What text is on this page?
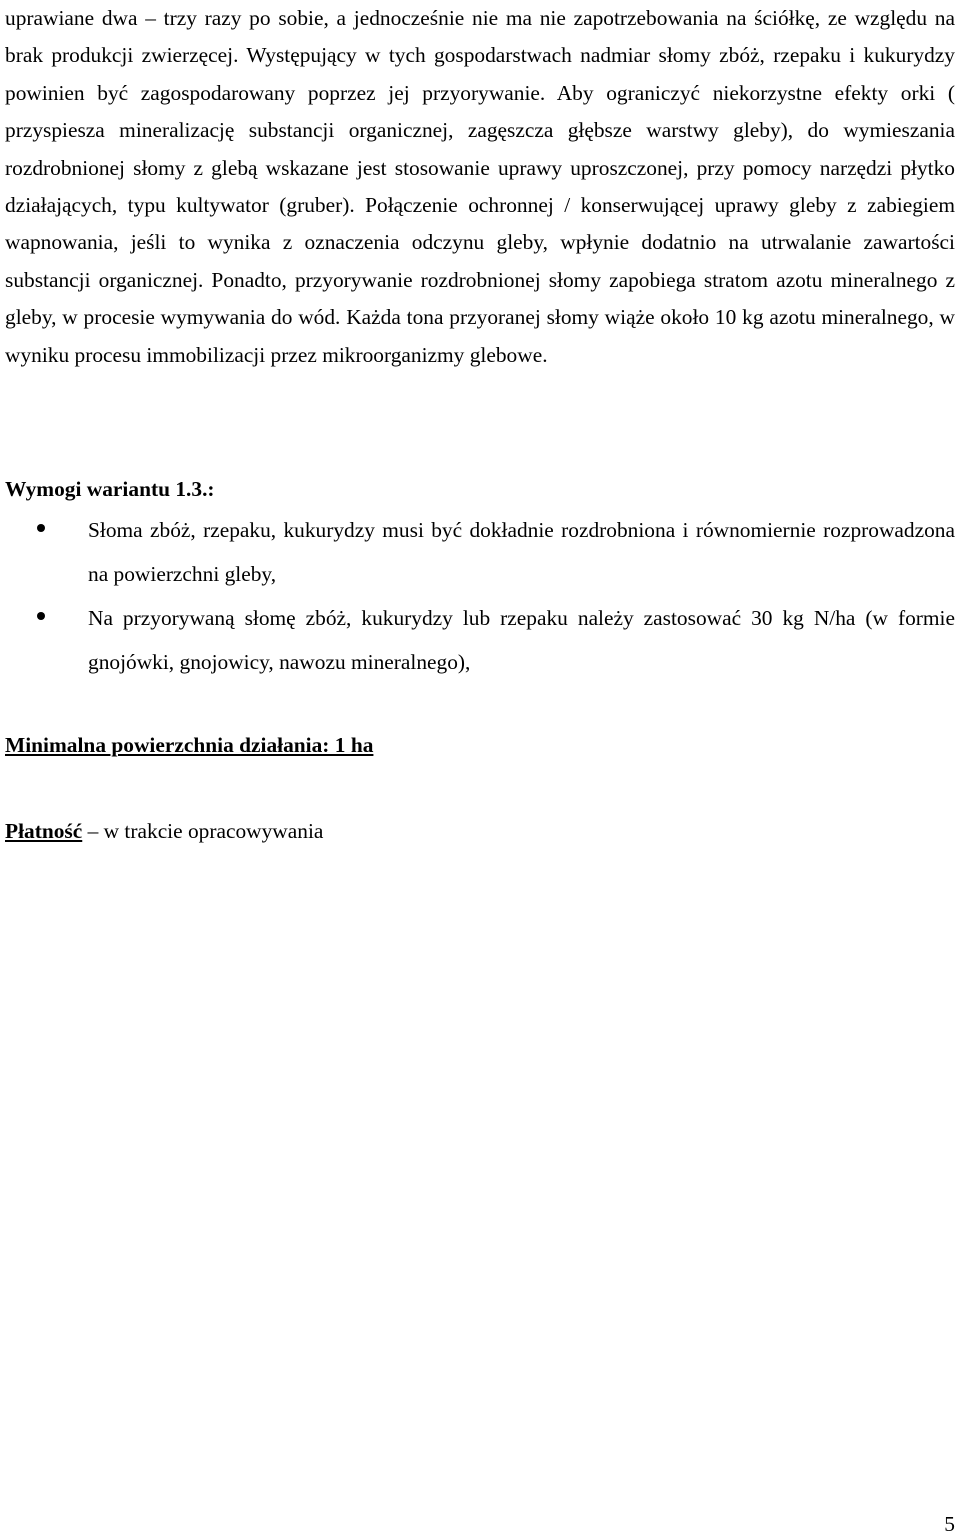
uprawiane dwa – trzy razy po sobie, a jednocześnie nie ma nie zapotrzebowania na ściółkę, ze względu na brak produkcji zwierzęcej. Występujący w tych gospodarstwach nadmiar słomy zbóż, rzepaku i kukurydzy powinien być zagospodarowany poprzez jej przyorywanie. Aby ograniczyć niekorzystne efekty orki ( przyspiesza mineralizację substancji organicznej, zagęszcza głębsze warstwy gleby), do wymieszania rozdrobnionej słomy z glebą wskazane jest stosowanie uprawy uproszczonej, przy pomocy narzędzi płytko działających, typu kultywator (gruber). Połączenie ochronnej / konserwującej uprawy gleby z zabiegiem wapnowania, jeśli to wynika z oznaczenia odczynu gleby, wpłynie dodatnio na utrwalanie zawartości substancji organicznej. Ponadto, przyorywanie rozdrobnionej słomy zapobiega stratom azotu mineralnego z gleby, w procesie wymywania do wód. Każda tona przyoranej słomy wiąże około 10 kg azotu mineralnego, w wyniku procesu immobilizacji przez mikroorganizmy glebowe.

Wymogi wariantu 1.3.:
Słoma zbóż, rzepaku, kukurydzy musi być dokładnie rozdrobniona i równomiernie rozprowadzona na powierzchni gleby,
Na przyorywaną słomę zbóż, kukurydzy lub rzepaku należy zastosować 30 kg N/ha (w formie gnojówki, gnojowicy, nawozu mineralnego),
Minimalna powierzchnia działania: 1 ha

Płatność – w trakcie opracowywania

5
